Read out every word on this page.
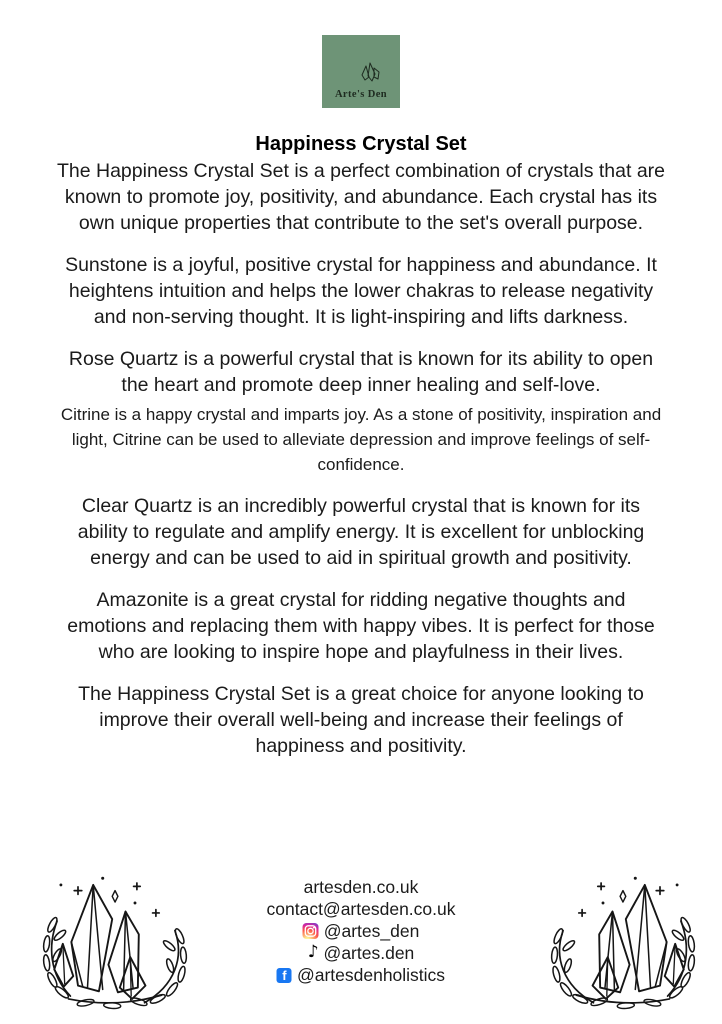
Arte's Den
Happiness Crystal Set

The Happiness Crystal Set is a perfect combination of crystals that are known to promote joy, positivity, and abundance. Each crystal has its own unique properties that contribute to the set's overall purpose.

Sunstone is a joyful, positive crystal for happiness and abundance. It heightens intuition and helps the lower chakras to release negativity and non-serving thought. It is light-inspiring and lifts darkness.

Rose Quartz is a powerful crystal that is known for its ability to open the heart and promote deep inner healing and self-love.

Citrine is a happy crystal and imparts joy. As a stone of positivity, inspiration and light, Citrine can be used to alleviate depression and improve feelings of self-confidence.

Clear Quartz is an incredibly powerful crystal that is known for its ability to regulate and amplify energy. It is excellent for unblocking energy and can be used to aid in spiritual growth and positivity.

Amazonite is a great crystal for ridding negative thoughts and emotions and replacing them with happy vibes. It is perfect for those who are looking to inspire hope and playfulness in their lives.

The Happiness Crystal Set is a great choice for anyone looking to improve their overall well-being and increase their feelings of happiness and positivity.

artesden.co.uk
contact@artesden.co.uk
@artes_den
♪ @artes.den
f @artesdenholistics
